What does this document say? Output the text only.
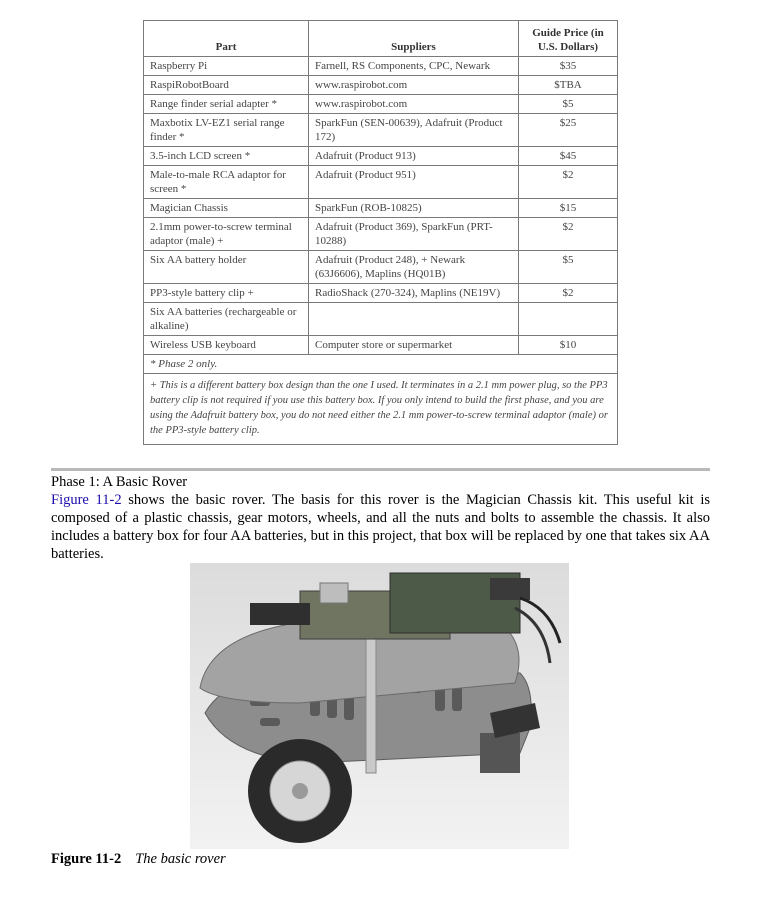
Part	Suppliers	Guide Price (in U.S. Dollars)
Raspberry Pi	Farnell, RS Components, CPC, Newark	$35
RaspiRobotBoard	www.raspirobot.com	$TBA
Range finder serial adapter *	www.raspirobot.com	$5
Maxbotix LV-EZ1 serial range finder *	SparkFun (SEN-00639), Adafruit (Product 172)	$25
3.5-inch LCD screen *	Adafruit (Product 913)	$45
Male-to-male RCA adaptor for screen *	Adafruit (Product 951)	$2
Magician Chassis	SparkFun (ROB-10825)	$15
2.1mm power-to-screw terminal adaptor (male) +	Adafruit (Product 369), SparkFun (PRT-10288)	$2
Six AA battery holder	Adafruit (Product 248), + Newark (63J6606), Maplins (HQ01B)	$5
PP3-style battery clip +	RadioShack (270-324), Maplins (NE19V)	$2
Six AA batteries (rechargeable or alkaline)		
Wireless USB keyboard	Computer store or supermarket	$10
* Phase 2 only.		
+ This is a different battery box design than the one I used. It terminates in a 2.1 mm power plug, so the PP3 battery clip is not required if you use this battery box. If you only intend to build the first phase, and you are using the Adafruit battery box, you do not need either the 2.1 mm power-to-screw terminal adaptor (male) or the PP3-style battery clip.		
Phase 1: A Basic Rover
Figure 11-2 shows the basic rover. The basis for this rover is the Magician Chassis kit. This useful kit is composed of a plastic chassis, gear motors, wheels, and all the nuts and bolts to assemble the chassis. It also includes a battery box for four AA batteries, but in this project, that box will be replaced by one that takes six AA batteries.
Figure 11-2 The basic rover
